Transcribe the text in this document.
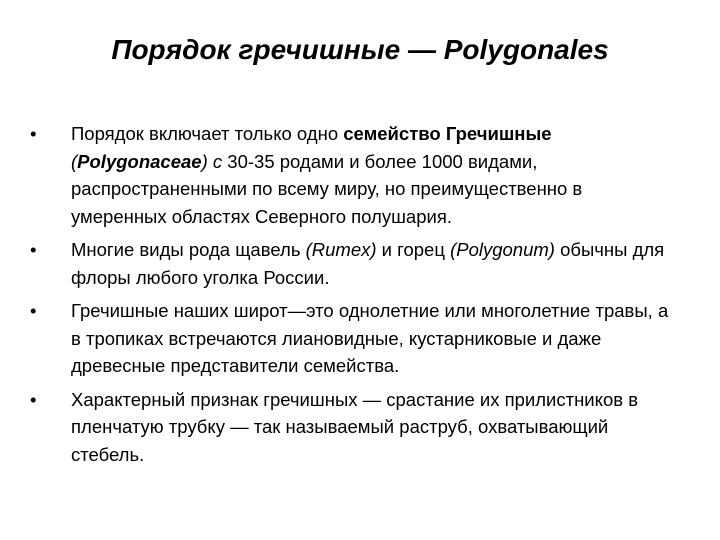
Порядок гречишные — Polygonales
•	Порядок включает только одно семейство Гречишные (Polygonaceae) с 30-35 родами и более 1000 видами, распространенными по всему миру, но преимущественно в умеренных областях Северного полушария.
•	Многие виды рода щавель (Rumex) и горец (Polygonum) обычны для флоры любого уголка России.
•	Гречишные наших широт—это однолетние или многолетние травы, а в тропиках встречаются лиановидные, кустарниковые и даже древесные представители семейства.
•	Характерный признак гречишных — срастание их прилистников в пленчатую трубку — так называемый раструб, охватывающий стебель.
